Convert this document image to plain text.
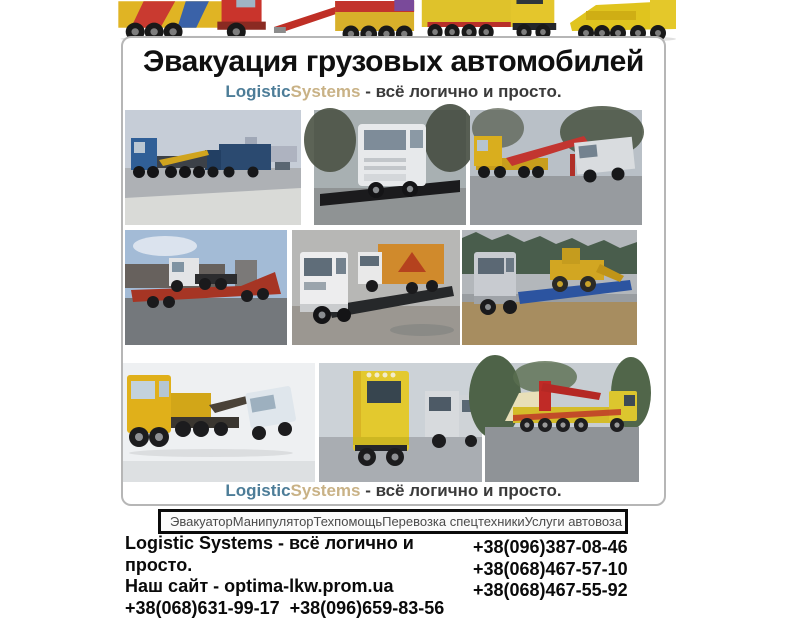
Эвакуация грузовых автомобилей
LogisticSystems - всё логично и просто.
LogisticSystems - всё логично и просто.
Эвакуатор Манипулятор Техпомощь Перевозка спецтехники Услуги автовоза
Logistic Systems - всё логично и просто.
Наш сайт - optima-lkw.prom.ua
+38(068)631-99-17  +38(096)659-83-56
+38(096)387-08-46
+38(068)467-57-10
+38(068)467-55-92
